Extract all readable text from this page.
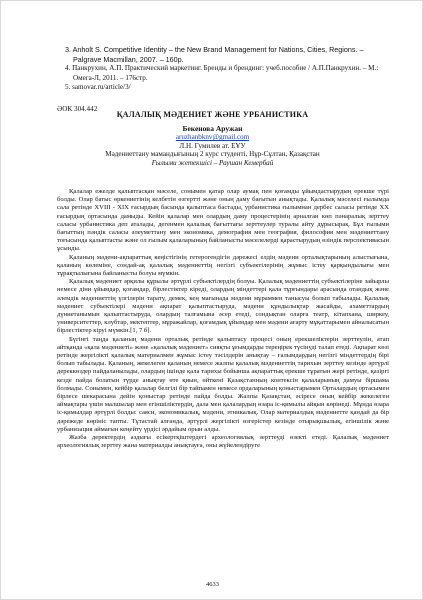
3. Anholt S. Competitive Identity – the New Brand Management for Nations, Cities, Regions. – Palgrave Macmillan, 2007. – 160p.

4. Панкрухин, А.П. Практический маркетинг. Бренды и брендинг: учеб.пособие / А.П.Панкрухин. – М.: Омега-Л, 2011. – 176стр.

5. samovar.ru/article/3/

ӘОК 304.442
ҚАЛАЛЫҚ МӘДЕНИЕТ ЖӘНЕ УРБАНИСТИКА
Бекенова Аружан
aruzhanbknv@gmail.com
Л.Н. Гумилев ат. ЕҰУ
Мәдениеттану мамандығының 2 курс студенті, Нұр-Сұлтан, Қазақстан
Ғылыми жетекшісі – Раушан Кемербай

Қалалар ежелде қалыптасқан мәселе, сонымен қатар олар аумақ пен қоғамды ұйымдастырудың ерекше түрі болды. Олар батыс өркениетінің келбетін өзгертті және оның даму бағытын анықтады. Қалалық мәселесі ғылымда сала ретінде XVIII - XIX ғасырдың басында қалыптаса бастады, урбанистика ғылымнан дербес саласы ретінде XX ғасырдың ортасында дамыды. Кейін қалалар мен олардың даму процестерінің арналған көп пәнаралық зерттеу саласы урбанистика деп аталады, дегенмен қалалық бағыттағы зерттеулер туралы айту дұрысырақ. Бұл ғылыми бағыттың пәндік саласы әлеуметтану мен экономика, демография мен география, философия мен мәдениеттану тоғысында қалыптасты және ол ғылым қалаларының байланысты мәселелерді қарастырудың өзіндік перспективасын ұсынды.

Қаланың мәдени-ақпараттық кеңістігінің гетерогендігін дәрежесі елдің мәдени орталықтарының алыстығына, қаланың көлеміне, сондай-ақ қалалық мәдениеттің негізгі субъектілерінің жұмыс істеу қарқындылығы мен тұрақтылығына байланысты болуы мүмкін.

Қалалық мәдениет әрқилы құрылы әртүрлі субъектілердің болуы. Қалалық мәдениеттің субъектілеріне зайырлы немесе діни ұйымдар, қоғамдар, бірлестіктер кіреді, олардың міндеттері қала тұрғындары арасында отандық және әлемдік мәдениеттің үлгілерін тарату, демек, кең мағынада мәдени мұраммен танысуы болып табылады. Қалалық мәдениет субъектілері мәдени ақпарат қалыптастыруда, мәдени құндылықтар жасайды, ахаметтардың дүниетанымын қалыптастыруда, олардың талғамына әсер етеді, сондықтан оларға театр, кітапхана, ширкеу, университеттер, клубтар, мектептер, мұражайлар, қоғамдық ұйымдар мен мәдени ағарту мұқаттарымен айналысатын бірлестіктер кіруі мүмкін.[1, 7 б].

Бүгінгі таңда қаланың мәдени орталық ретінде қалыптасу процесі оның ерекшеліктерін зерттеулін, атап айтқанда «қала мәдениеті» және «қалалық мәдениет» сияқты ұғымдарды тереңірек түсінуді талап етеді. Ақпарат көзі ретінде жергілікті қалалық материалмен жұмыс істеу тәсілдерін анықтау – ғалымдардың негізгі міндеттердің бірі болып табылады. Қаланың, жекелеген қаланың немесе жалпы қалалық мәдениеттің тарихын зерттеу кезінде әртүрлі дереккөздер пайдаланылады, олардың ішінде қала тарихы бойынша ақпараттық ерекше тұратын жері ретінде, қазіргі кезде пайда болатын түрде анықтау өте қиын, өйткені Қазақстанның контексін қалаларының дамуы біршама болмады. Сонымен, кейбір қалалар белгілі бір тайпамен немесе ордаларының қоныстарымен Орталардың ортасымен бірлесе шекарасына дейін қоныстар ретінде пайда болды. Жалпы Қазақстан, әсіресе оның кейбір жекелеген аймақтары үшін малшылар мен егіншіліктердің, дала мен қалалардың өзара іс-қимылы айқын көрінеді. Мұнда өзара іс-қимылдар әртүрлі болды: саяси, экономикалық, мәдени, этникалық. Олар материалдық мәдениетте қандай да бір дәрежеде көрініс тапты. Тұтастай алғанда, әртүрлі жергілікті өзгерістер кезінде отырықшылық, егіншілік және урбанизация аймағын кеңейту үрдісі әрдайым орын алды.

Жазба деректердің аздығы есікертқіштердегі археологиялық зерттеуді өзекті етеді. Қалалық мәдениет археологиялық зерттеу жана материалды анықтауға, оны жүйелендіруге

4633
